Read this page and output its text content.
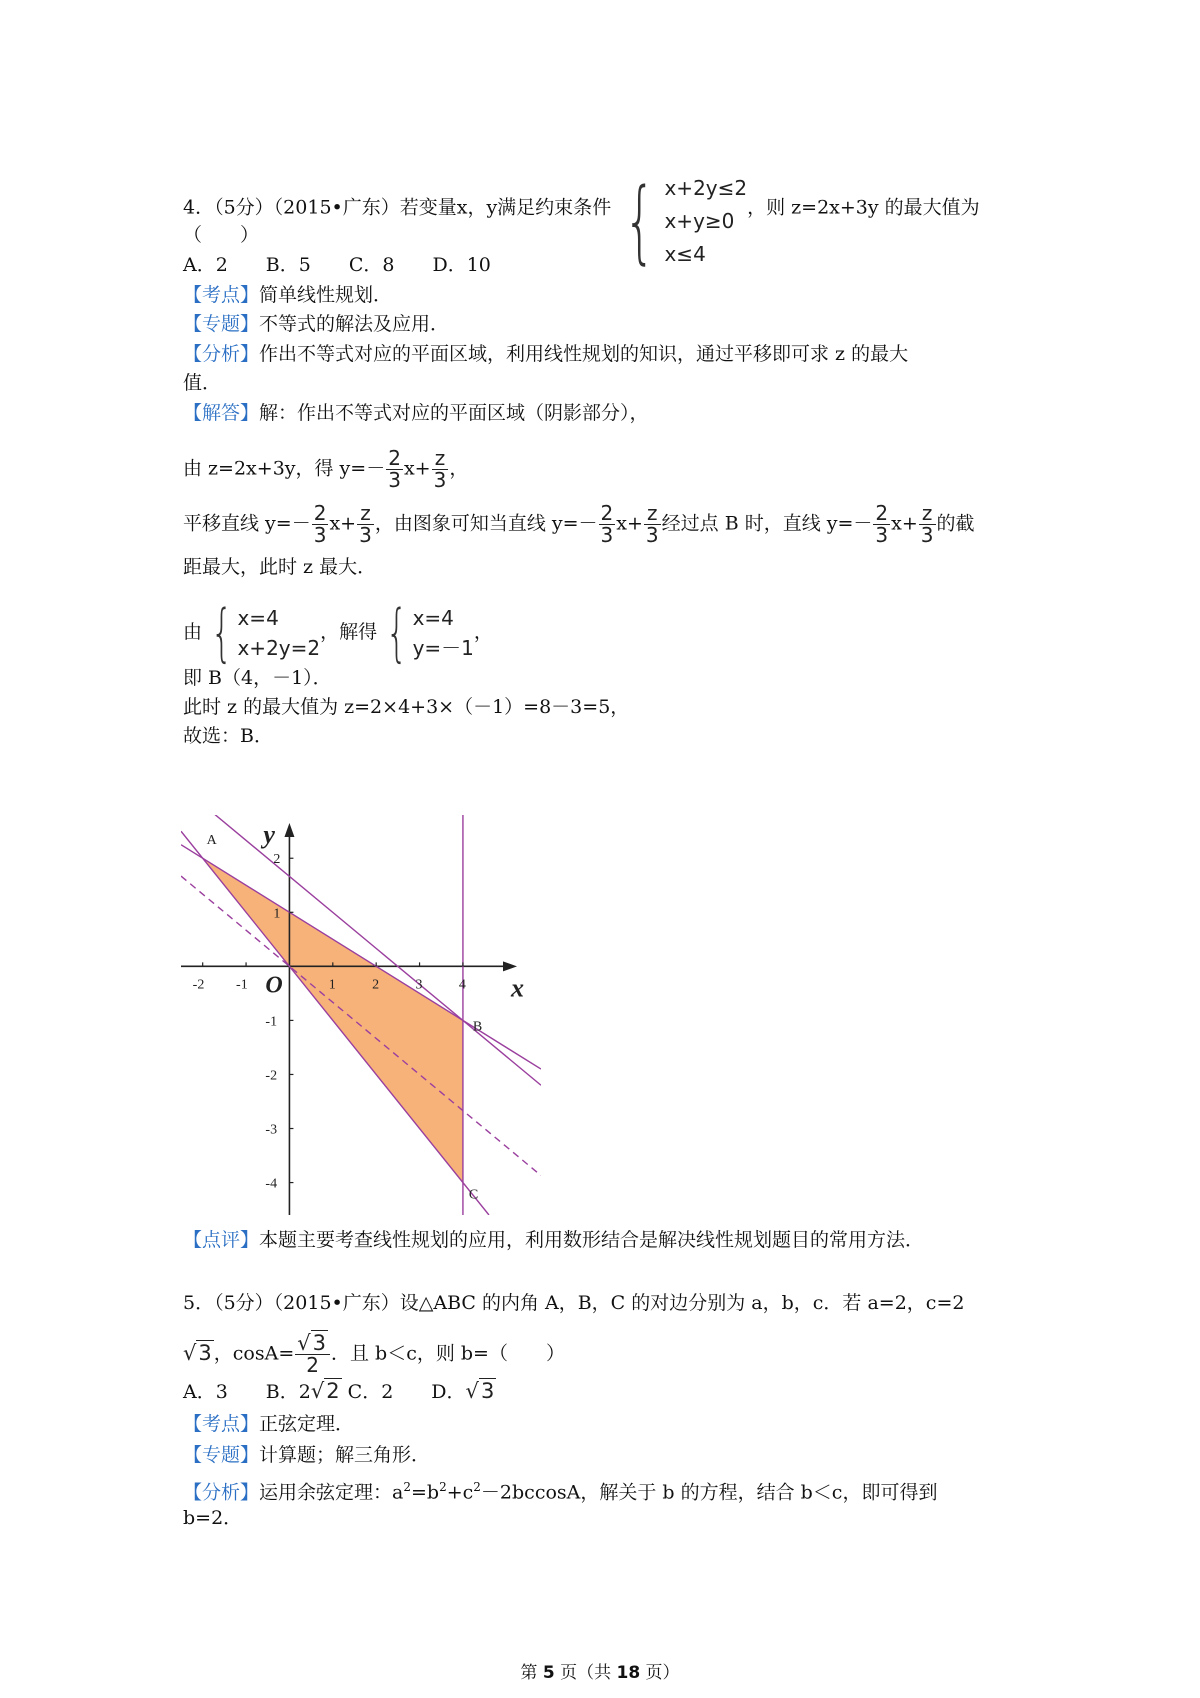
4．（5分）（2015•广东）若变量x，y满足约束条件 { x+2y≤2
x+y≥0
x≤4
，则 z=2x+3y 的最大值为
（　　）
A．2　　B．5　　C．8　　D．10
【考点】简单线性规划．
【专题】不等式的解法及应用．
【分析】作出不等式对应的平面区域，利用线性规划的知识，通过平移即可求 z 的最大
值．
【解答】解：作出不等式对应的平面区域（阴影部分），
由 z=2x+3y，得 $y=- \frac{2}{3} x+ \frac{z}{3}$ ，
平移直线 $y=- \frac{2}{3} x+ \frac{z}{3}$ ，由图象可知当直线 $y=- \frac{2}{3} x+ \frac{z}{3}$ 经过点 B 时，直线 $y=- \frac{2}{3} x+ \frac{z}{3}$ 的截
距最大，此时 z 最大．
由 { x=4
x+2y=2
，解得 { x=4
y=－1
，
即 B（4，－1）．
此时 z 的最大值为 z=2×4+3×（－1）=8－3=5，
故选：B．
-2 -1	1	2	3	4
2
1
-1
-2
-3
-4
x
y
O
A
B
C
【点评】本题主要考查线性规划的应用，利用数形结合是解决线性规划题目的常用方法．
5．（5分）（2015•广东）设△ABC 的内角 A，B，C 的对边分别为 a，b，c．若 a=2，c=2
√3 ，$\cos A= \frac{√3}{2}$ ．且 b＜c，则 b=（　　）
A．3　　B．2√2 C．2　　D．√3
【考点】正弦定理．
【专题】计算题；解三角形．
【分析】运用余弦定理：$a^2=b^2+c^2-2bccosA$，解关于 b 的方程，结合 b＜c，即可得到
b=2．
第 5 页（共 18 页）
